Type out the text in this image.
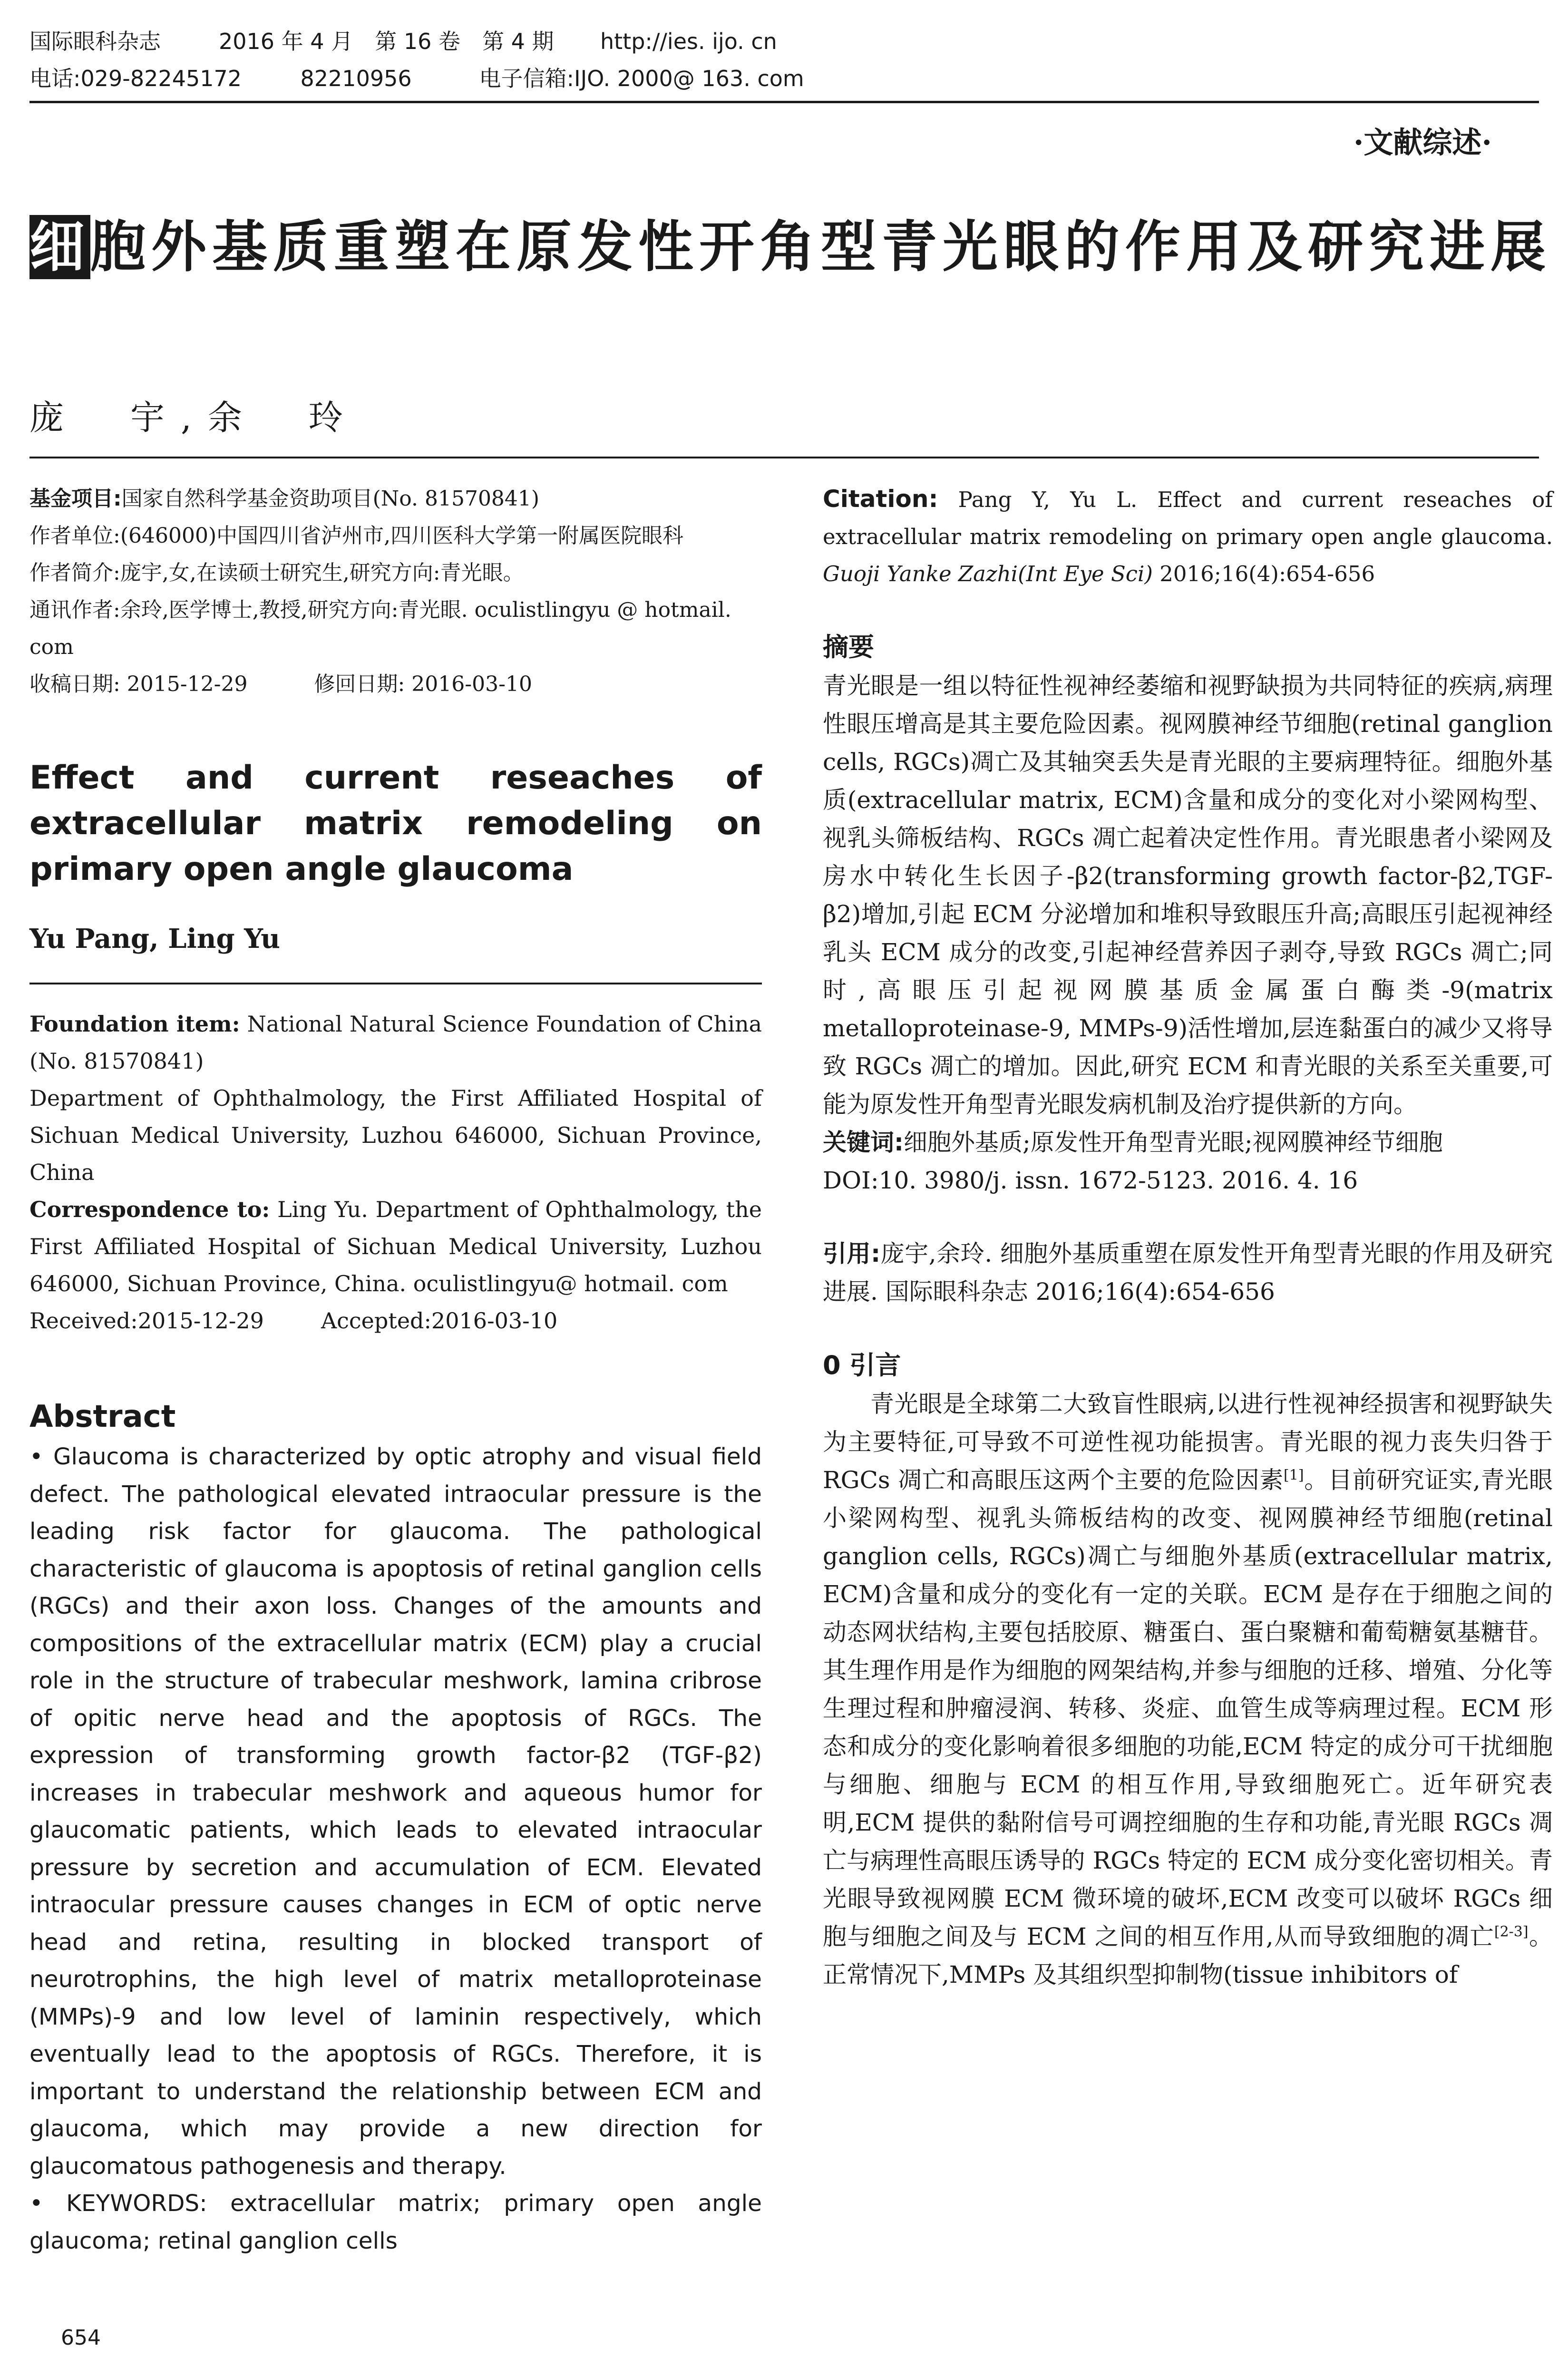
国际眼科杂志	2016 年 4 月　第 16 卷　第 4 期	http://ies. ijo. cn
电话: 029-82245172	82210956	电子信箱:IJO. 2000@ 163. com
·文献综述·
细胞外基质重塑在原发性开角型青光眼的作用及研究进展
庞　宇,余　玲

基金项目:国家自然科学基金资助项目(No. 81570841)

作者单位:(646000)中国四川省泸州市,四川医科大学第一附属医院眼科

作者简介:庞宇,女,在读硕士研究生,研究方向:青光眼。

通讯作者:余玲,医学博士,教授,研究方向:青光眼. oculistlingyu @ hotmail. com

收稿日期: 2015-12-29	修回日期: 2016-03-10

Effect and current reseaches of extracellular matrix remodeling on primary open angle glaucoma
Yu Pang, Ling Yu

Foundation item: National Natural Science Foundation of China (No. 81570841)

Department of Ophthalmology, the First Affiliated Hospital of Sichuan Medical University, Luzhou 646000, Sichuan Province, China

Correspondence to: Ling Yu. Department of Ophthalmology, the First Affiliated Hospital of Sichuan Medical University, Luzhou 646000, Sichuan Province, China. oculistlingyu@ hotmail. com

Received:2015-12-29	Accepted:2016-03-10

Abstract

• Glaucoma is characterized by optic atrophy and visual field defect. The pathological elevated intraocular pressure is the leading risk factor for glaucoma. The pathological characteristic of glaucoma is apoptosis of retinal ganglion cells (RGCs) and their axon loss. Changes of the amounts and compositions of the extracellular matrix (ECM) play a crucial role in the structure of trabecular meshwork, lamina cribrose of opitic nerve head and the apoptosis of RGCs. The expression of transforming growth factor-β2 (TGF-β2) increases in trabecular meshwork and aqueous humor for glaucomatic patients, which leads to elevated intraocular pressure by secretion and accumulation of ECM. Elevated intraocular pressure causes changes in ECM of optic nerve head and retina, resulting in blocked transport of neurotrophins, the high level of matrix metalloproteinase (MMPs)-9 and low level of laminin respectively, which eventually lead to the apoptosis of RGCs. Therefore, it is important to understand the relationship between ECM and glaucoma, which may provide a new direction for glaucomatous pathogenesis and therapy.

• KEYWORDS: extracellular matrix; primary open angle glaucoma; retinal ganglion cells

Citation: Pang Y, Yu L. Effect and current reseaches of extracellular matrix remodeling on primary open angle glaucoma. Guoji Yanke Zazhi(Int Eye Sci) 2016;16(4):654-656
摘要

青光眼是一组以特征性视神经萎缩和视野缺损为共同特征的疾病,病理性眼压增高是其主要危险因素。视网膜神经节细胞(retinal ganglion cells, RGCs)凋亡及其轴突丢失是青光眼的主要病理特征。细胞外基质(extracellular matrix, ECM)含量和成分的变化对小梁网构型、视乳头筛板结构、RGCs 凋亡起着决定性作用。青光眼患者小梁网及房水中转化生长因子-β2(transforming growth factor-β2,TGF-β2)增加,引起 ECM 分泌增加和堆积导致眼压升高;高眼压引起视神经乳头 ECM 成分的改变,引起神经营养因子剥夺,导致 RGCs 凋亡;同时,高眼压引起视网膜基质金属蛋白酶类-9(matrix metalloproteinase-9, MMPs-9)活性增加,层连黏蛋白的减少又将导致 RGCs 凋亡的增加。因此,研究 ECM 和青光眼的关系至关重要,可能为原发性开角型青光眼发病机制及治疗提供新的方向。

关键词:细胞外基质;原发性开角型青光眼;视网膜神经节细胞

DOI:10. 3980/j. issn. 1672-5123. 2016. 4. 16

引用:庞宇,余玲. 细胞外基质重塑在原发性开角型青光眼的作用及研究进展. 国际眼科杂志 2016;16(4):654-656

0 引言

青光眼是全球第二大致盲性眼病,以进行性视神经损害和视野缺失为主要特征,可导致不可逆性视功能损害。青光眼的视力丧失归咎于 RGCs 凋亡和高眼压这两个主要的危险因素[1]。目前研究证实,青光眼小梁网构型、视乳头筛板结构的改变、视网膜神经节细胞(retinal ganglion cells, RGCs)凋亡与细胞外基质(extracellular matrix, ECM)含量和成分的变化有一定的关联。ECM 是存在于细胞之间的动态网状结构,主要包括胶原、糖蛋白、蛋白聚糖和葡萄糖氨基糖苷。其生理作用是作为细胞的网架结构,并参与细胞的迁移、增殖、分化等生理过程和肿瘤浸润、转移、炎症、血管生成等病理过程。ECM 形态和成分的变化影响着很多细胞的功能,ECM 特定的成分可干扰细胞与细胞、细胞与 ECM 的相互作用,导致细胞死亡。近年研究表明,ECM 提供的黏附信号可调控细胞的生存和功能,青光眼 RGCs 凋亡与病理性高眼压诱导的 RGCs 特定的 ECM 成分变化密切相关。青光眼导致视网膜 ECM 微环境的破坏,ECM 改变可以破坏 RGCs 细胞与细胞之间及与 ECM 之间的相互作用,从而导致细胞的凋亡[2-3]。正常情况下,MMPs 及其组织型抑制物(tissue inhibitors of

654
